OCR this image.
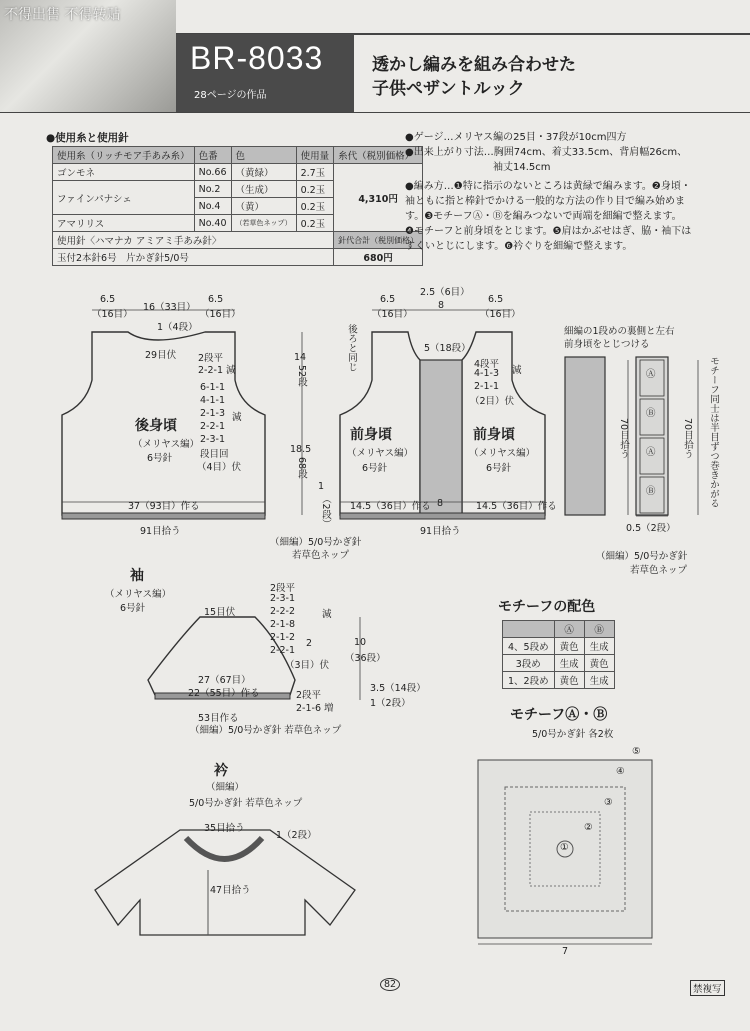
不得出售 不得转贴
BR-8033
28ページの作品
透かし編みを組み合わせた
子供ペザントルック
●使用糸と使用針
使用糸（リッチモア手あみ糸）	色番	色	使用量	糸代（税別価格）
ゴンモネ	No.66	（黄緑）	2.7玉	4,310円
ファインパナシェ	No.2	（生成）	0.2玉	
	No.4	（黄）	0.2玉	
アマリリス	No.40	（若草色ネップ）	0.2玉	
使用針〈ハマナカ アミアミ手あみ針〉				針代合計（税別価格）
玉付2本針6号　片かぎ針5/0号				680円

●ゲージ…メリヤス編の25目・37段が10cm四方

●出来上がり寸法…胸囲74cm、着丈33.5cm、背肩幅26cm、

袖丈14.5cm

●編み方…❶特に指示のないところは黄緑で編みます。❷身頃・

袖ともに指と棒針でかける一般的な方法の作り目で編み始めま

す。❸モチーフⒶ・Ⓑを編みつないで両端を細編で整えます。

❹モチーフと前身頃をとじます。❺肩はかぶせはぎ、脇・袖下は

すくいとじにします。❻衿ぐりを細編で整えます。

6.5
（16目）
16（33目）
6.5
（16目）
1（4段）
29目伏 2段平
2-2-1 減
6-1-1
4-1-1
2-1-3
2-2-1
2-3-1
段目回
減
（4目）伏
後身頃
（メリヤス編）
6号針
14
52段
18.5
68段
1
（2段）
37（93目）作る
91目拾う
6.5
（16目）
2.5（6目）
8
6.5
（16目）
後ろと同じ	5（18段）
4段平
4-1-3
2-1-1
（2目）伏
減
前身頃
（メリヤス編）
6号針
前身頃
（メリヤス編）
6号針
14.5（36目）作る 8	14.5（36目）作る
91目拾う
（細編）5/0号かぎ針
若草色ネップ
細編の1段めの裏側と左右
前身頃をとじつける
70目拾う	70目拾う モチーフ同士は半目ずつ巻きかがる
Ⓐ
Ⓑ
Ⓐ
Ⓑ
0.5（2段）
（細編）5/0号かぎ針
若草色ネップ
袖
（メリヤス編）
6号針
2段平
2-3-1
2-2-2
2-1-8
2-1-2
2-2-1
減
2
15目伏
（3目）伏
27（67目）
22（55目）作る	2段平
2-1-6 増
10
（36段）
3.5（14段）
1（2段）
53目作る
（細編）5/0号かぎ針 若草色ネップ
衿
（細編）
5/0号かぎ針 若草色ネップ
35目拾う
1（2段）
47目拾う
モチーフの配色
	Ⓐ	Ⓑ
4、5段め	黄色	生成
3段め	生成	黄色
1、2段め	黄色	生成
モチーフⒶ・Ⓑ
5/0号かぎ針 各2枚
⑤
④
③
②
①
7
82	禁複写
